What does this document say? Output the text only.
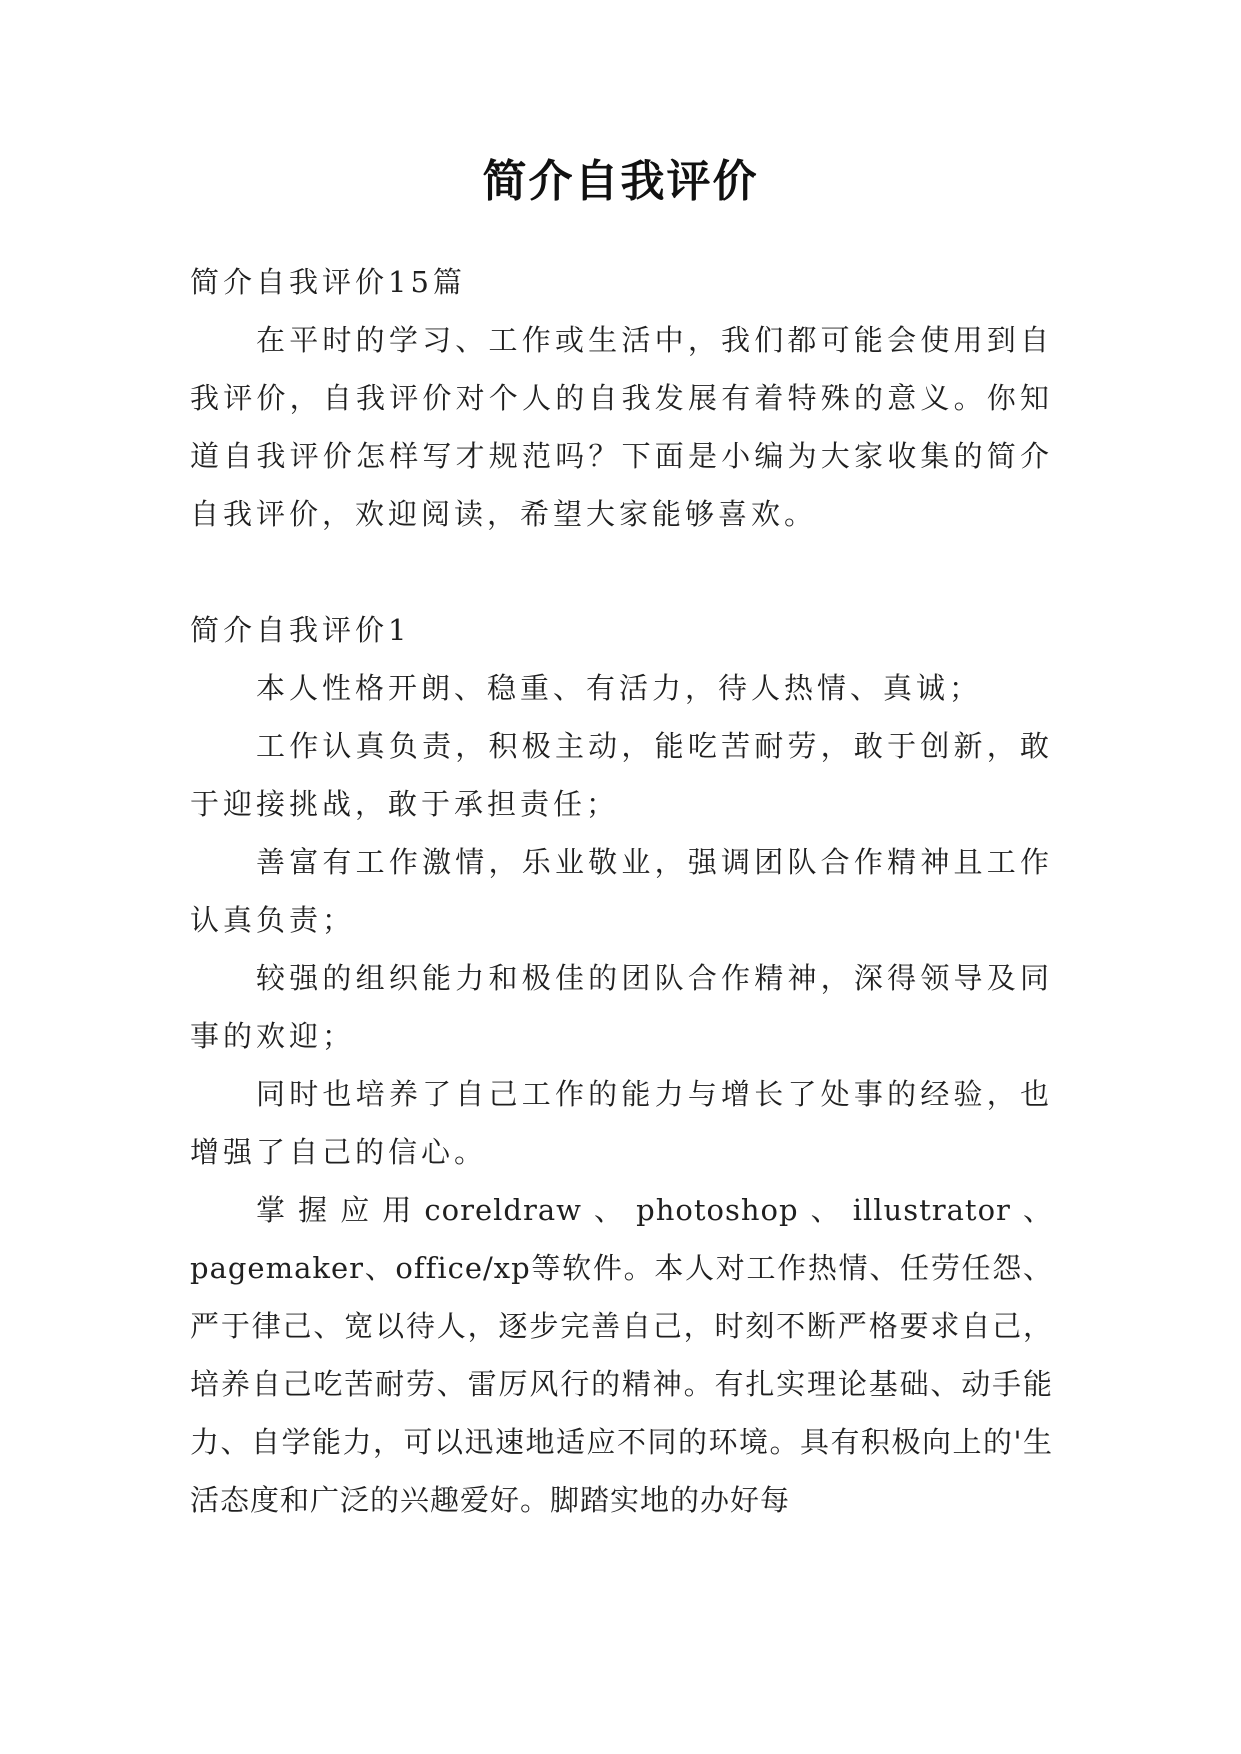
简介自我评价

简介自我评价15篇

在平时的学习、工作或生活中，我们都可能会使用到自我评价，自我评价对个人的自我发展有着特殊的意义。你知道自我评价怎样写才规范吗？下面是小编为大家收集的简介自我评价，欢迎阅读，希望大家能够喜欢。

简介自我评价1

本人性格开朗、稳重、有活力，待人热情、真诚；

工作认真负责，积极主动，能吃苦耐劳，敢于创新，敢于迎接挑战，敢于承担责任；

善富有工作激情，乐业敬业，强调团队合作精神且工作认真负责；

较强的组织能力和极佳的团队合作精神，深得领导及同事的欢迎；

同时也培养了自己工作的能力与增长了处事的经验，也增强了自己的信心。

掌握应用coreldraw、photoshop、illustrator、pagemaker、office/xp等软件。本人对工作热情、任劳任怨、严于律己、宽以待人，逐步完善自己，时刻不断严格要求自己，培养自己吃苦耐劳、雷厉风行的精神。有扎实理论基础、动手能力、自学能力，可以迅速地适应不同的环境。具有积极向上的'生活态度和广泛的兴趣爱好。脚踏实地的办好每
